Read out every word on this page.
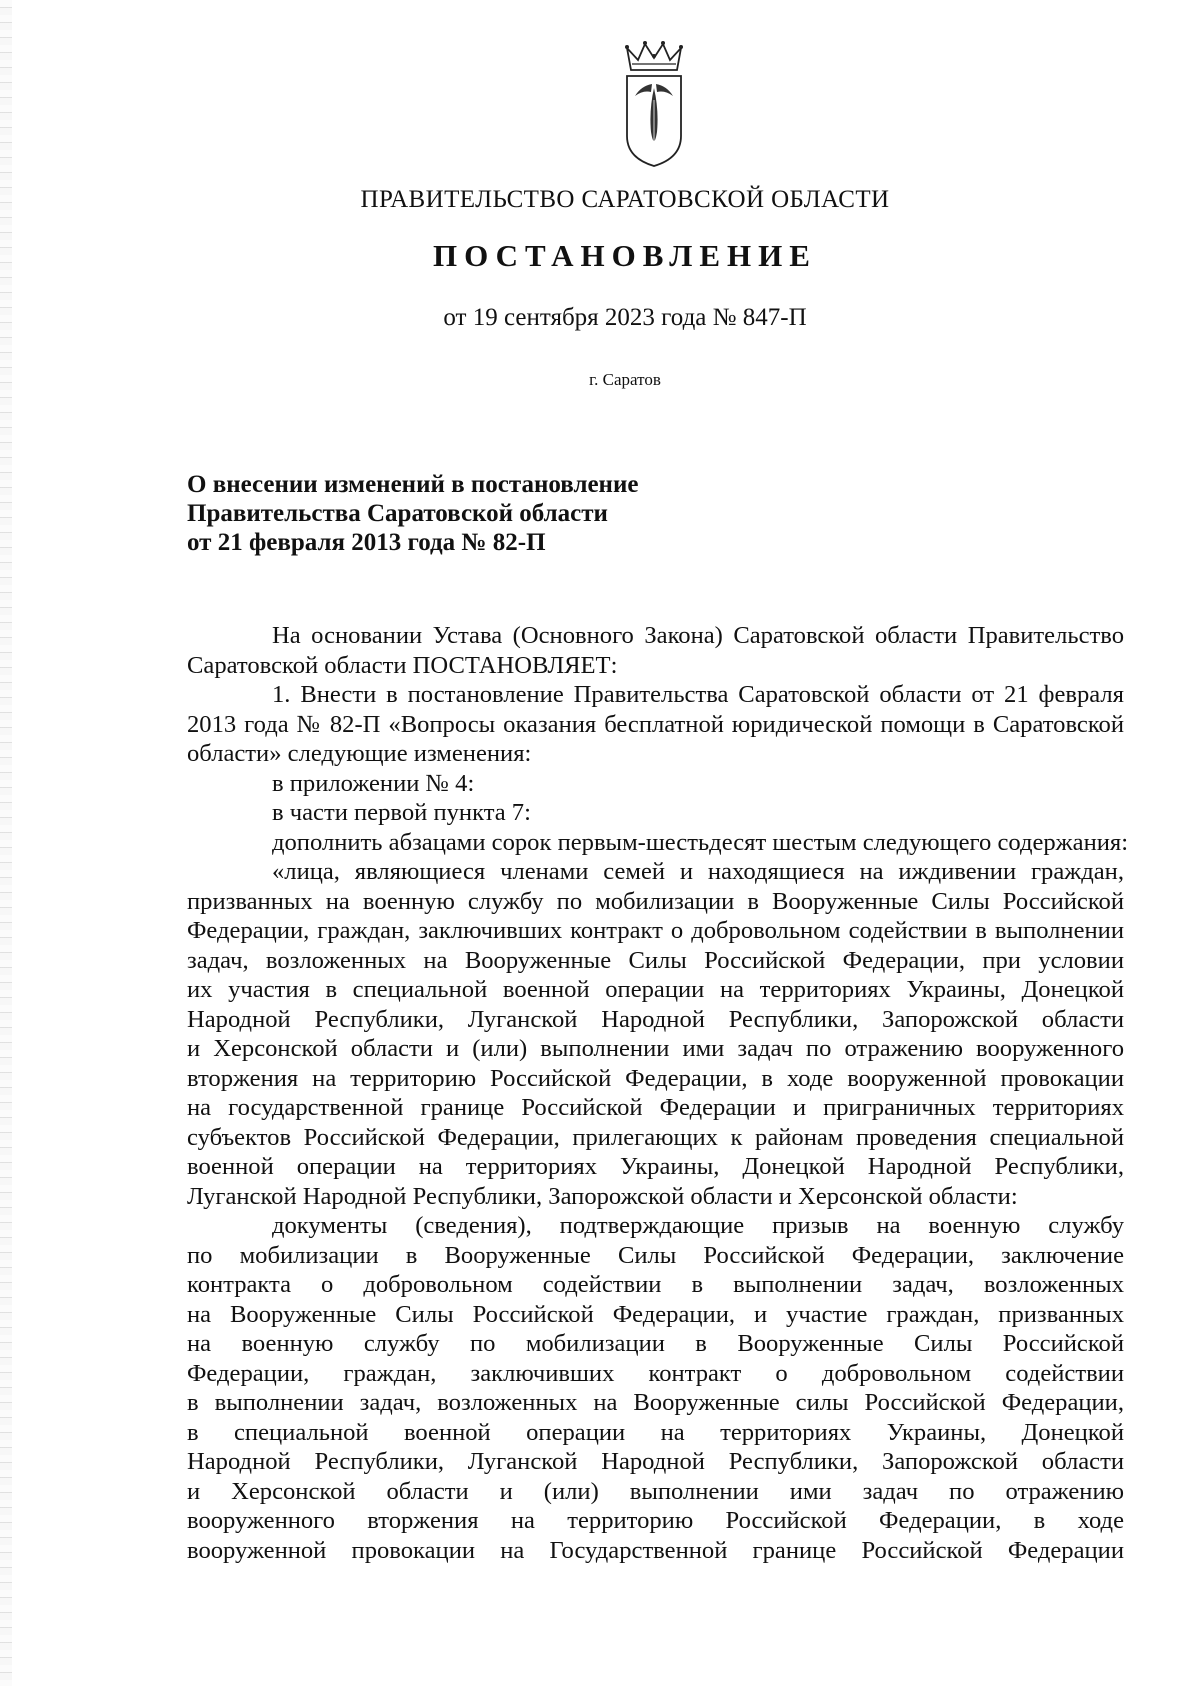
ПРАВИТЕЛЬСТВО САРАТОВСКОЙ ОБЛАСТИ
ПОСТАНОВЛЕНИЕ
от 19 сентября 2023 года № 847-П
г. Саратов
О внесении изменений в постановление
Правительства Саратовской области
от 21 февраля 2013 года № 82-П
На основании Устава (Основного Закона) Саратовской области Правительство
Саратовской области ПОСТАНОВЛЯЕТ:
1. Внести в постановление Правительства Саратовской области от 21 февраля
2013 года № 82-П «Вопросы оказания бесплатной юридической помощи в Саратовской
области» следующие изменения:
в приложении № 4:
в части первой пункта 7:
дополнить абзацами сорок первым-шестьдесят шестым следующего содержания:
«лица, являющиеся членами семей и находящиеся на иждивении граждан,
призванных на военную службу по мобилизации в Вооруженные Силы Российской
Федерации, граждан, заключивших контракт о добровольном содействии в выполнении
задач, возложенных на Вооруженные Силы Российской Федерации, при условии
их участия в специальной военной операции на территориях Украины, Донецкой
Народной Республики, Луганской Народной Республики, Запорожской области
и Херсонской области и (или) выполнении ими задач по отражению вооруженного
вторжения на территорию Российской Федерации, в ходе вооруженной провокации
на государственной границе Российской Федерации и приграничных территориях
субъектов Российской Федерации, прилегающих к районам проведения специальной
военной операции на территориях Украины, Донецкой Народной Республики,
Луганской Народной Республики, Запорожской области и Херсонской области:
документы (сведения), подтверждающие призыв на военную службу
по мобилизации в Вооруженные Силы Российской Федерации, заключение
контракта о добровольном содействии в выполнении задач, возложенных
на Вооруженные Силы Российской Федерации, и участие граждан, призванных
на военную службу по мобилизации в Вооруженные Силы Российской
Федерации, граждан, заключивших контракт о добровольном содействии
в выполнении задач, возложенных на Вооруженные силы Российской Федерации,
в специальной военной операции на территориях Украины, Донецкой
Народной Республики, Луганской Народной Республики, Запорожской области
и Херсонской области и (или) выполнении ими задач по отражению
вооруженного вторжения на территорию Российской Федерации, в ходе
вооруженной провокации на Государственной границе Российской Федерации
